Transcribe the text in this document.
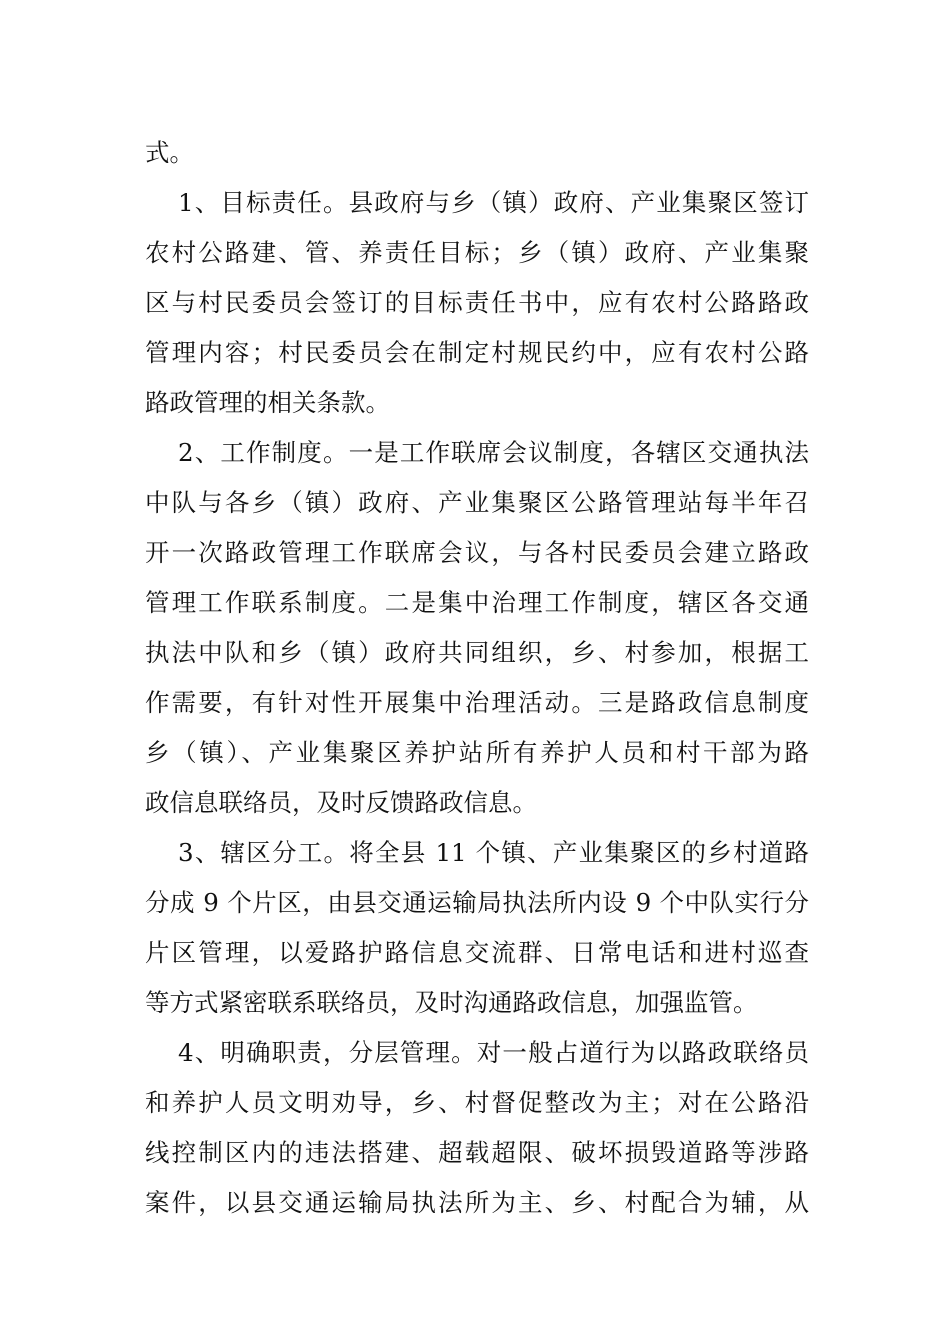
式。
1、目标责任。县政府与乡（镇）政府、产业集聚区签订
农村公路建、管、养责任目标；乡（镇）政府、产业集聚
区与村民委员会签订的目标责任书中，应有农村公路路政
管理内容；村民委员会在制定村规民约中，应有农村公路
路政管理的相关条款。
2、工作制度。一是工作联席会议制度，各辖区交通执法
中队与各乡（镇）政府、产业集聚区公路管理站每半年召
开一次路政管理工作联席会议，与各村民委员会建立路政
管理工作联系制度。二是集中治理工作制度，辖区各交通
执法中队和乡（镇）政府共同组织，乡、村参加，根据工
作需要，有针对性开展集中治理活动。三是路政信息制度
乡（镇）、产业集聚区养护站所有养护人员和村干部为路
政信息联络员，及时反馈路政信息。
3、辖区分工。将全县 11 个镇、产业集聚区的乡村道路
分成 9 个片区，由县交通运输局执法所内设 9 个中队实行分
片区管理，以爱路护路信息交流群、日常电话和进村巡查
等方式紧密联系联络员，及时沟通路政信息，加强监管。
4、明确职责，分层管理。对一般占道行为以路政联络员
和养护人员文明劝导，乡、村督促整改为主；对在公路沿
线控制区内的违法搭建、超载超限、破坏损毁道路等涉路
案件，以县交通运输局执法所为主、乡、村配合为辅，从
